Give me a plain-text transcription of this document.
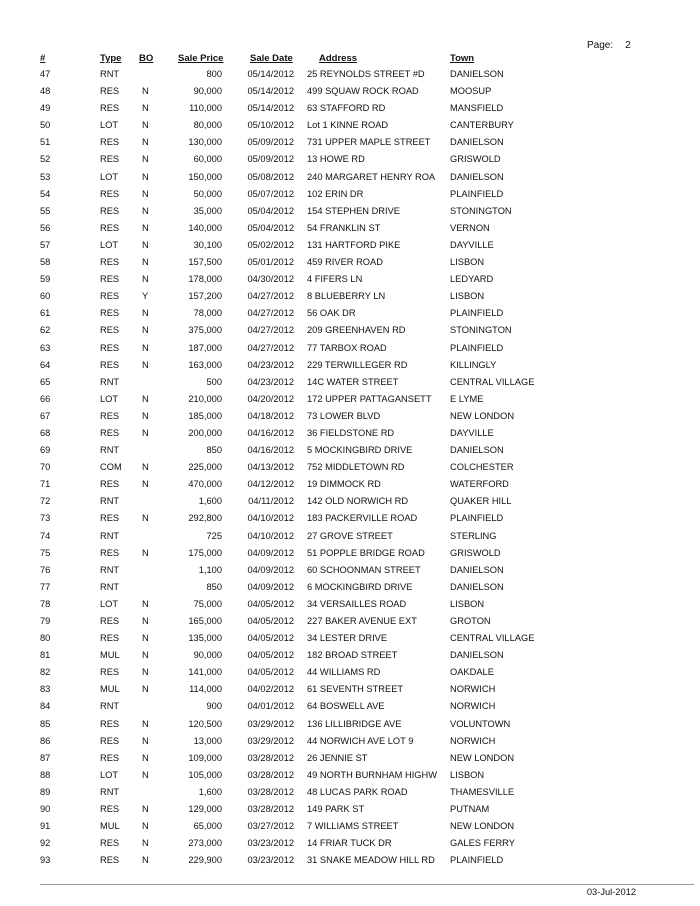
Page: 2
#	Type BO	Sale Price	Sale Date	Address	Town
47	RNT	800	05/14/2012 25 REYNOLDS STREET #D	DANIELSON
48	RES N	90,000	05/14/2012 499 SQUAW ROCK ROAD	MOOSUP
49	RES N	110,000	05/14/2012 63 STAFFORD RD	MANSFIELD
50	LOT	N	80,000	05/10/2012 Lot 1 KINNE ROAD	CANTERBURY
51	RES N	130,000	05/09/2012 731 UPPER MAPLE STREET	DANIELSON
52	RES N	60,000	05/09/2012 13 HOWE RD	GRISWOLD
53	LOT	N	150,000	05/08/2012 240 MARGARET HENRY ROA	DANIELSON
54	RES N	50,000	05/07/2012 102 ERIN DR	PLAINFIELD
55	RES N	35,000	05/04/2012 154 STEPHEN DRIVE	STONINGTON
56	RES N	140,000	05/04/2012 54 FRANKLIN ST	VERNON
57	LOT	N	30,100	05/02/2012 131 HARTFORD PIKE	DAYVILLE
58	RES N	157,500	05/01/2012 459 RIVER ROAD	LISBON
59	RES N	178,000	04/30/2012 4 FIFERS LN	LEDYARD
60	RES Y	157,200	04/27/2012 8 BLUEBERRY LN	LISBON
61	RES N	78,000	04/27/2012 56 OAK DR	PLAINFIELD
62	RES N	375,000	04/27/2012 209 GREENHAVEN RD	STONINGTON
63	RES N	187,000	04/27/2012 77 TARBOX ROAD	PLAINFIELD
64	RES N	163,000	04/23/2012 229 TERWILLEGER RD	KILLINGLY
65	RNT	500	04/23/2012 14C WATER STREET	CENTRAL VILLAGE
66	LOT	N	210,000	04/20/2012 172 UPPER PATTAGANSETT	E LYME
67	RES N	185,000	04/18/2012 73 LOWER BLVD	NEW LONDON
68	RES N	200,000	04/16/2012 36 FIELDSTONE RD	DAYVILLE
69	RNT	850	04/16/2012 5 MOCKINGBIRD DRIVE	DANIELSON
70	COM N	225,000	04/13/2012 752 MIDDLETOWN RD	COLCHESTER
71	RES N	470,000	04/12/2012 19 DIMMOCK RD	WATERFORD
72	RNT	1,600	04/11/2012 142 OLD NORWICH RD	QUAKER HILL
73	RES N	292,800	04/10/2012 183 PACKERVILLE ROAD	PLAINFIELD
74	RNT	725	04/10/2012 27 GROVE STREET	STERLING
75	RES N	175,000	04/09/2012 51 POPPLE BRIDGE ROAD	GRISWOLD
76	RNT	1,100	04/09/2012 60 SCHOONMAN STREET	DANIELSON
77	RNT	850	04/09/2012 6 MOCKINGBIRD DRIVE	DANIELSON
78	LOT	N	75,000	04/05/2012 34 VERSAILLES ROAD	LISBON
79	RES N	165,000	04/05/2012 227 BAKER AVENUE EXT	GROTON
80	RES N	135,000	04/05/2012 34 LESTER DRIVE	CENTRAL VILLAGE
81	MUL N	90,000	04/05/2012 182 BROAD STREET	DANIELSON
82	RES N	141,000	04/05/2012 44 WILLIAMS RD	OAKDALE
83	MUL N	114,000	04/02/2012 61 SEVENTH STREET	NORWICH
84	RNT	900	04/01/2012 64 BOSWELL AVE	NORWICH
85	RES N	120,500	03/29/2012 136 LILLIBRIDGE AVE	VOLUNTOWN
86	RES N	13,000	03/29/2012 44 NORWICH AVE LOT 9	NORWICH
87	RES N	109,000	03/28/2012 26 JENNIE ST	NEW LONDON
88	LOT	N	105,000	03/28/2012 49 NORTH BURNHAM HIGHW	LISBON
89	RNT	1,600	03/28/2012 48 LUCAS PARK ROAD	THAMESVILLE
90	RES N	129,000	03/28/2012 149 PARK ST	PUTNAM
91	MUL N	65,000	03/27/2012 7 WILLIAMS STREET	NEW LONDON
92	RES N	273,000	03/23/2012 14 FRIAR TUCK DR	GALES FERRY
93	RES N	229,900	03/23/2012 31 SNAKE MEADOW HILL RD	PLAINFIELD
03-Jul-2012
